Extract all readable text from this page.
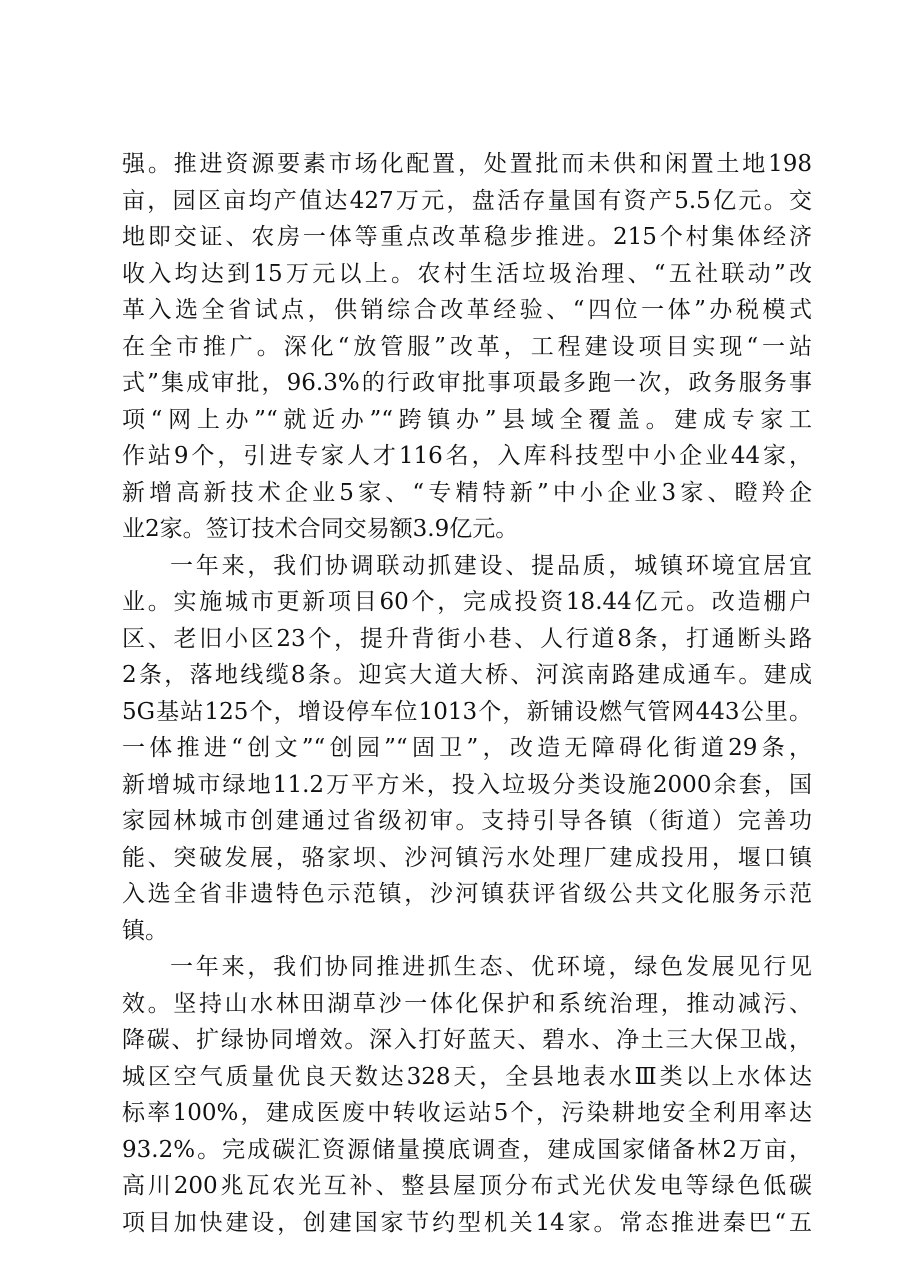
强。推进资源要素市场化配置，处置批而未供和闲置土地198
亩，园区亩均产值达427万元，盘活存量国有资产5.5亿元。交
地即交证、农房一体等重点改革稳步推进。215个村集体经济
收入均达到15万元以上。农村生活垃圾治理、“五社联动”改
革入选全省试点，供销综合改革经验、“四位一体”办税模式
在全市推广。深化“放管服”改革，工程建设项目实现“一站
式”集成审批，96.3%的行政审批事项最多跑一次，政务服务事
项“网上办”“就近办”“跨镇办”县域全覆盖。建成专家工
作站9个，引进专家人才116名，入库科技型中小企业44家，
新增高新技术企业5家、“专精特新”中小企业3家、瞪羚企
业2家。签订技术合同交易额3.9亿元。
一年来，我们协调联动抓建设、提品质，城镇环境宜居宜
业。实施城市更新项目60个，完成投资18.44亿元。改造棚户
区、老旧小区23个，提升背街小巷、人行道8条，打通断头路
2条，落地线缆8条。迎宾大道大桥、河滨南路建成通车。建成
5G基站125个，增设停车位1013个，新铺设燃气管网443公里。
一体推进“创文”“创园”“固卫”，改造无障碍化街道29条，
新增城市绿地11.2万平方米，投入垃圾分类设施2000余套，国
家园林城市创建通过省级初审。支持引导各镇（街道）完善功
能、突破发展，骆家坝、沙河镇污水处理厂建成投用，堰口镇
入选全省非遗特色示范镇，沙河镇获评省级公共文化服务示范
镇。
一年来，我们协同推进抓生态、优环境，绿色发展见行见
效。坚持山水林田湖草沙一体化保护和系统治理，推动减污、
降碳、扩绿协同增效。深入打好蓝天、碧水、净土三大保卫战，
城区空气质量优良天数达328天，全县地表水Ⅲ类以上水体达
标率100%，建成医废中转收运站5个，污染耕地安全利用率达
93.2%。完成碳汇资源储量摸底调查，建成国家储备林2万亩，
高川200兆瓦农光互补、整县屋顶分布式光伏发电等绿色低碳
项目加快建设，创建国家节约型机关14家。常态推进秦巴“五
